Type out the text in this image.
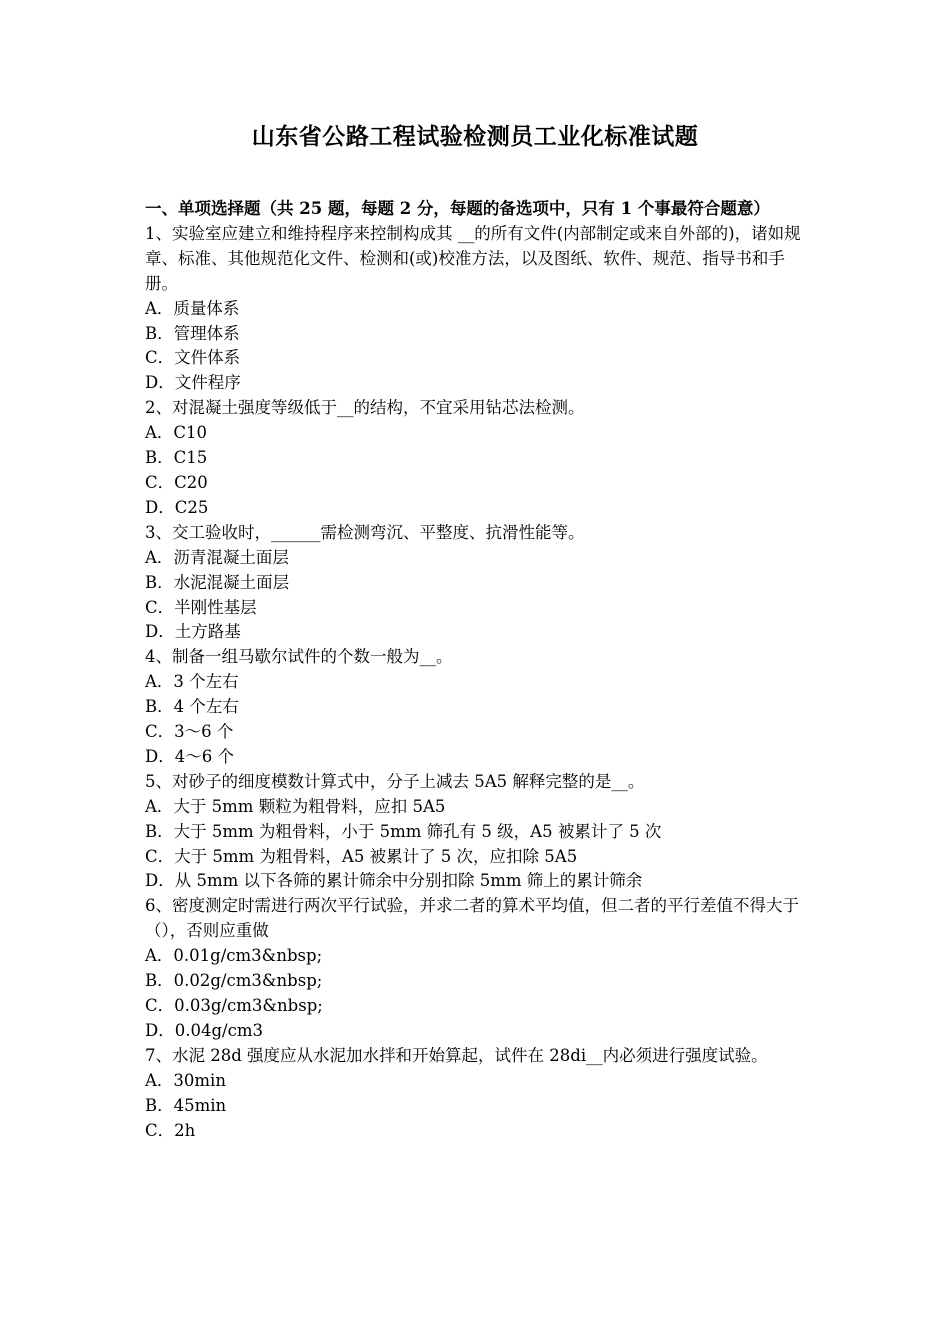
山东省公路工程试验检测员工业化标准试题

一、单项选择题（共 25 题，每题 2 分，每题的备选项中，只有 1 个事最符合题意）

1、实验室应建立和维持程序来控制构成其 __的所有文件(内部制定或来自外部的)，诸如规章、标准、其他规范化文件、检测和(或)校准方法，以及图纸、软件、规范、指导书和手册。

A．质量体系

B．管理体系

C．文件体系

D．文件程序

2、对混凝土强度等级低于__的结构，不宜采用钻芯法检测。

A．C10

B．C15

C．C20

D．C25

3、交工验收时，______需检测弯沉、平整度、抗滑性能等。

A．沥青混凝土面层

B．水泥混凝土面层

C．半刚性基层

D．土方路基

4、制备一组马歇尔试件的个数一般为__。

A．3 个左右

B．4 个左右

C．3～6 个

D．4～6 个

5、对砂子的细度模数计算式中，分子上减去 5A5 解释完整的是__。

A．大于 5mm 颗粒为粗骨料，应扣 5A5

B．大于 5mm 为粗骨料，小于 5mm 筛孔有 5 级，A5 被累计了 5 次

C．大于 5mm 为粗骨料，A5 被累计了 5 次，应扣除 5A5

D．从 5mm 以下各筛的累计筛余中分别扣除 5mm 筛上的累计筛余

6、密度测定时需进行两次平行试验，并求二者的算术平均值，但二者的平行差值不得大于（），否则应重做

A．0.01g/cm3&nbsp;

B．0.02g/cm3&nbsp;

C．0.03g/cm3&nbsp;

D．0.04g/cm3

7、水泥 28d 强度应从水泥加水拌和开始算起，试件在 28di__内必须进行强度试验。

A．30min

B．45min

C．2h
